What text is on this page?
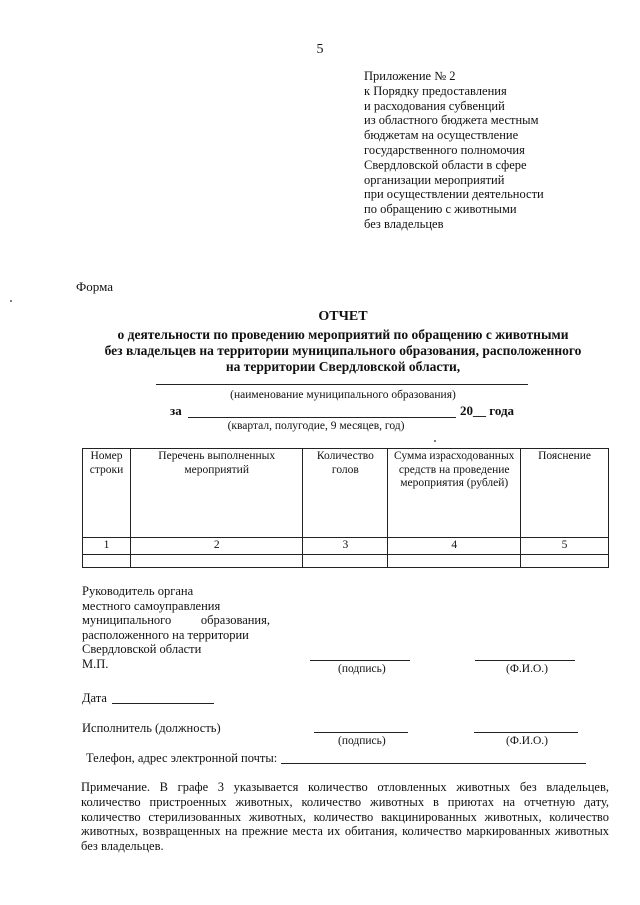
5
Приложение № 2
к Порядку предоставления
и расходования субвенций
из областного бюджета местным
бюджетам на осуществление
государственного полномочия
Свердловской области в сфере
организации мероприятий
при осуществлении деятельности
по обращению с животными
без владельцев
Форма
ОТЧЕТ
о деятельности по проведению мероприятий по обращению с животными
без владельцев на территории муниципального образования, расположенного
на территории Свердловской области,
(наименование муниципального образования)
за	20__ года
(квартал, полугодие, 9 месяцев, год)
Номер строки	Перечень выполненных мероприятий	Количество голов	Сумма израсходованных средств на проведение мероприятия (рублей)	Пояснение
1	2	3	4	5

Руководитель органа
местного самоуправления
муниципального образования,
расположенного на территории
Свердловской области
М.П.	(подпись)	(Ф.И.О.)
Дата
Исполнитель (должность)
(подпись)	(Ф.И.О.)
Телефон, адрес электронной почты:
Примечание. В графе 3 указывается количество отловленных животных без владельцев, количество пристроенных животных, количество животных в приютах на отчетную дату, количество стерилизованных животных, количество вакцинированных животных, количество животных, возвращенных на прежние места их обитания, количество маркированных животных без владельцев.
